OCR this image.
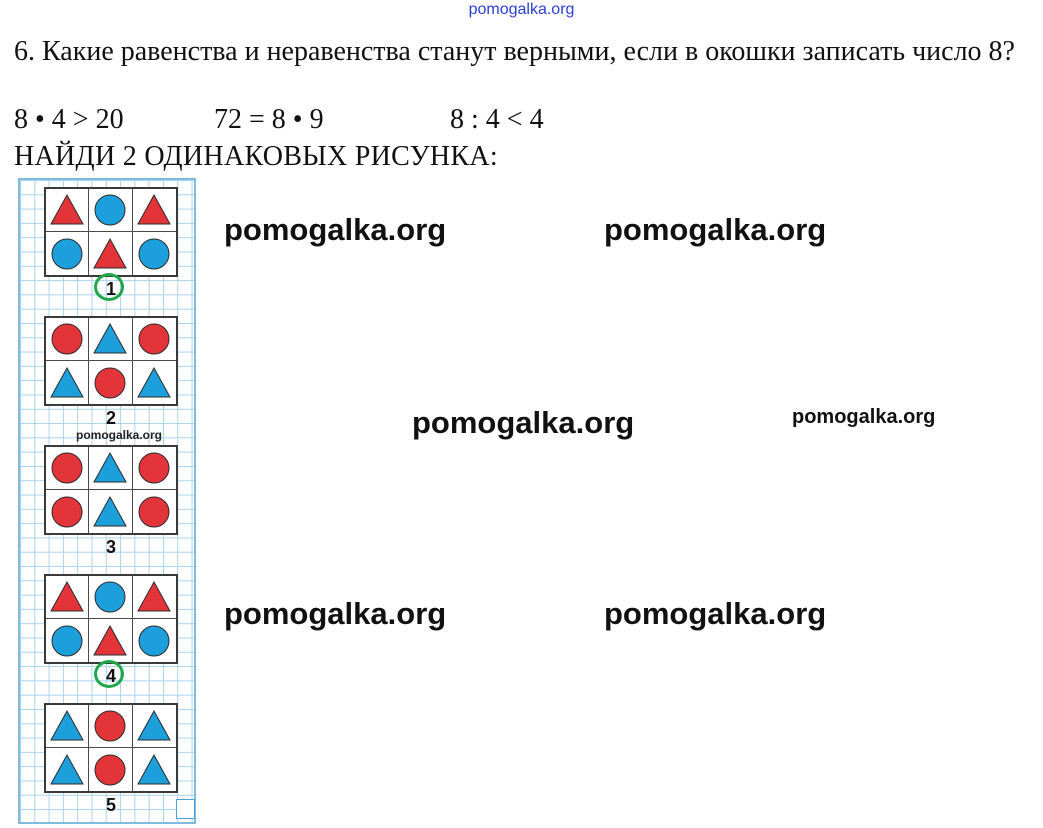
pomogalka.org
6. Какие равенства и неравенства станут верными, если в окошки записать число 8?
8 • 4 > 20	72 = 8 • 9	8 : 4 < 4
НАЙДИ 2 ОДИНАКОВЫХ РИСУНКА:
1
2
3
4
5
pomogalka.org
pomogalka.org	pomogalka.org
pomogalka.org	pomogalka.org
pomogalka.org	pomogalka.org
